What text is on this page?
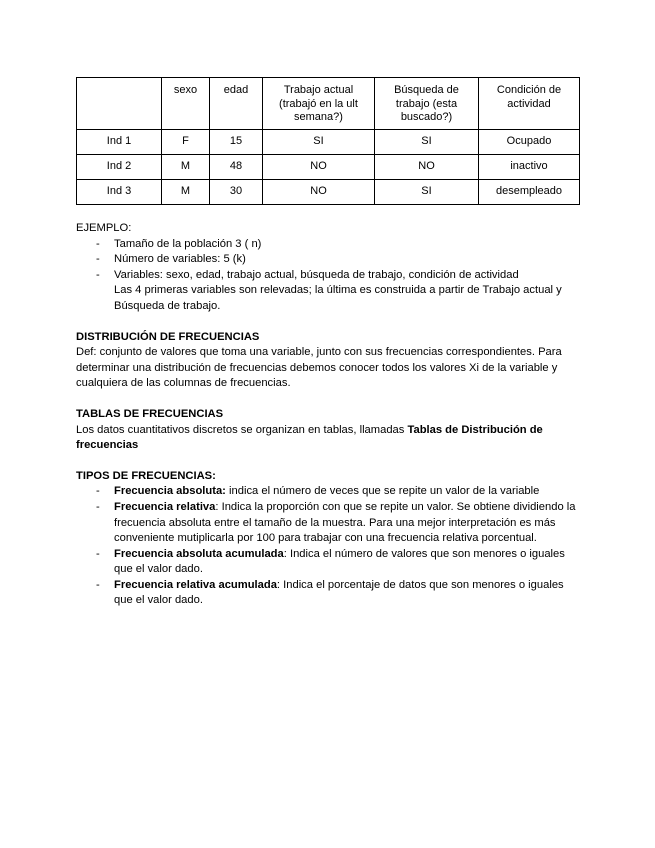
	sexo	edad	Trabajo actual (trabajó en la ult semana?)	Búsqueda de trabajo (esta buscado?)	Condición de actividad
Ind 1	F	15	SI	SI	Ocupado
Ind 2	M	48	NO	NO	inactivo
Ind 3	M	30	NO	SI	desempleado

EJEMPLO:

- Tamaño de la población 3 ( n)
- Número de variables: 5 (k)
- Variables: sexo, edad, trabajo actual, búsqueda de trabajo, condición de actividad

Las 4 primeras variables son relevadas; la última es construida a partir de Trabajo actual y Búsqueda de trabajo.

DISTRIBUCIÓN DE FRECUENCIAS

Def: conjunto de valores que toma una variable, junto con sus frecuencias correspondientes. Para determinar una distribución de frecuencias debemos conocer todos los valores Xi de la variable y cualquiera de las columnas de frecuencias.

TABLAS DE FRECUENCIAS

Los datos cuantitativos discretos se organizan en tablas, llamadas Tablas de Distribución de frecuencias

TIPOS DE FRECUENCIAS:

- Frecuencia absoluta: indica el número de veces que se repite un valor de la variable
- Frecuencia relativa: Indica la proporción con que se repite un valor. Se obtiene dividiendo la frecuencia absoluta entre el tamaño de la muestra. Para una mejor interpretación es más conveniente mutiplicarla por 100 para trabajar con una frecuencia relativa porcentual.
- Frecuencia absoluta acumulada: Indica el número de valores que son menores o iguales que el valor dado.
- Frecuencia relativa acumulada: Indica el porcentaje de datos que son menores o iguales que el valor dado.
